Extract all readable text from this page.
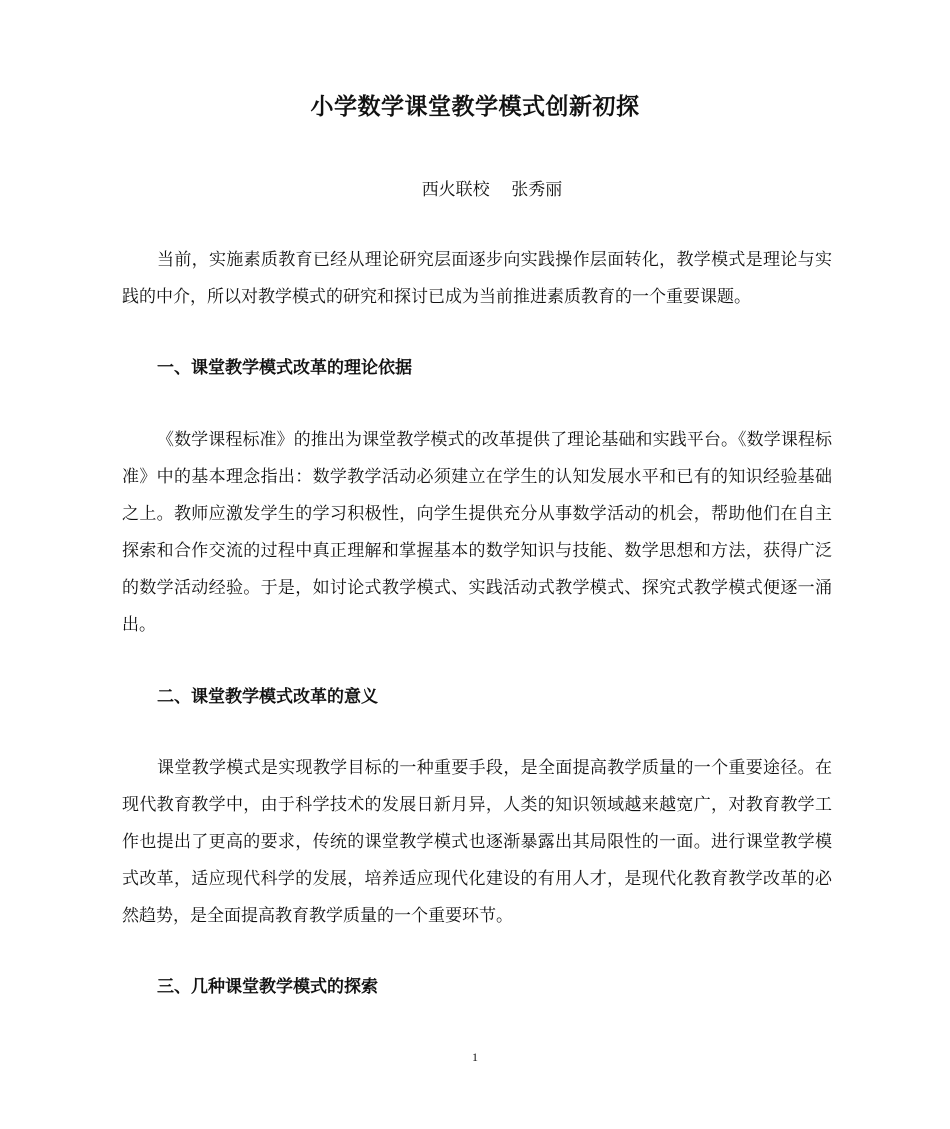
小学数学课堂教学模式创新初探
西火联校    张秀丽

当前，实施素质教育已经从理论研究层面逐步向实践操作层面转化，教学模式是理论与实践的中介，所以对教学模式的研究和探讨已成为当前推进素质教育的一个重要课题。

一、课堂教学模式改革的理论依据

《数学课程标准》的推出为课堂教学模式的改革提供了理论基础和实践平台。《数学课程标准》中的基本理念指出：数学教学活动必须建立在学生的认知发展水平和已有的知识经验基础之上。教师应激发学生的学习积极性，向学生提供充分从事数学活动的机会，帮助他们在自主探索和合作交流的过程中真正理解和掌握基本的数学知识与技能、数学思想和方法，获得广泛的数学活动经验。于是，如讨论式教学模式、实践活动式教学模式、探究式教学模式便逐一涌出。

二、课堂教学模式改革的意义

课堂教学模式是实现教学目标的一种重要手段，是全面提高教学质量的一个重要途径。在现代教育教学中，由于科学技术的发展日新月异，人类的知识领域越来越宽广，对教育教学工作也提出了更高的要求，传统的课堂教学模式也逐渐暴露出其局限性的一面。进行课堂教学模式改革，适应现代科学的发展，培养适应现代化建设的有用人才，是现代化教育教学改革的必然趋势，是全面提高教育教学质量的一个重要环节。

三、几种课堂教学模式的探索
1
